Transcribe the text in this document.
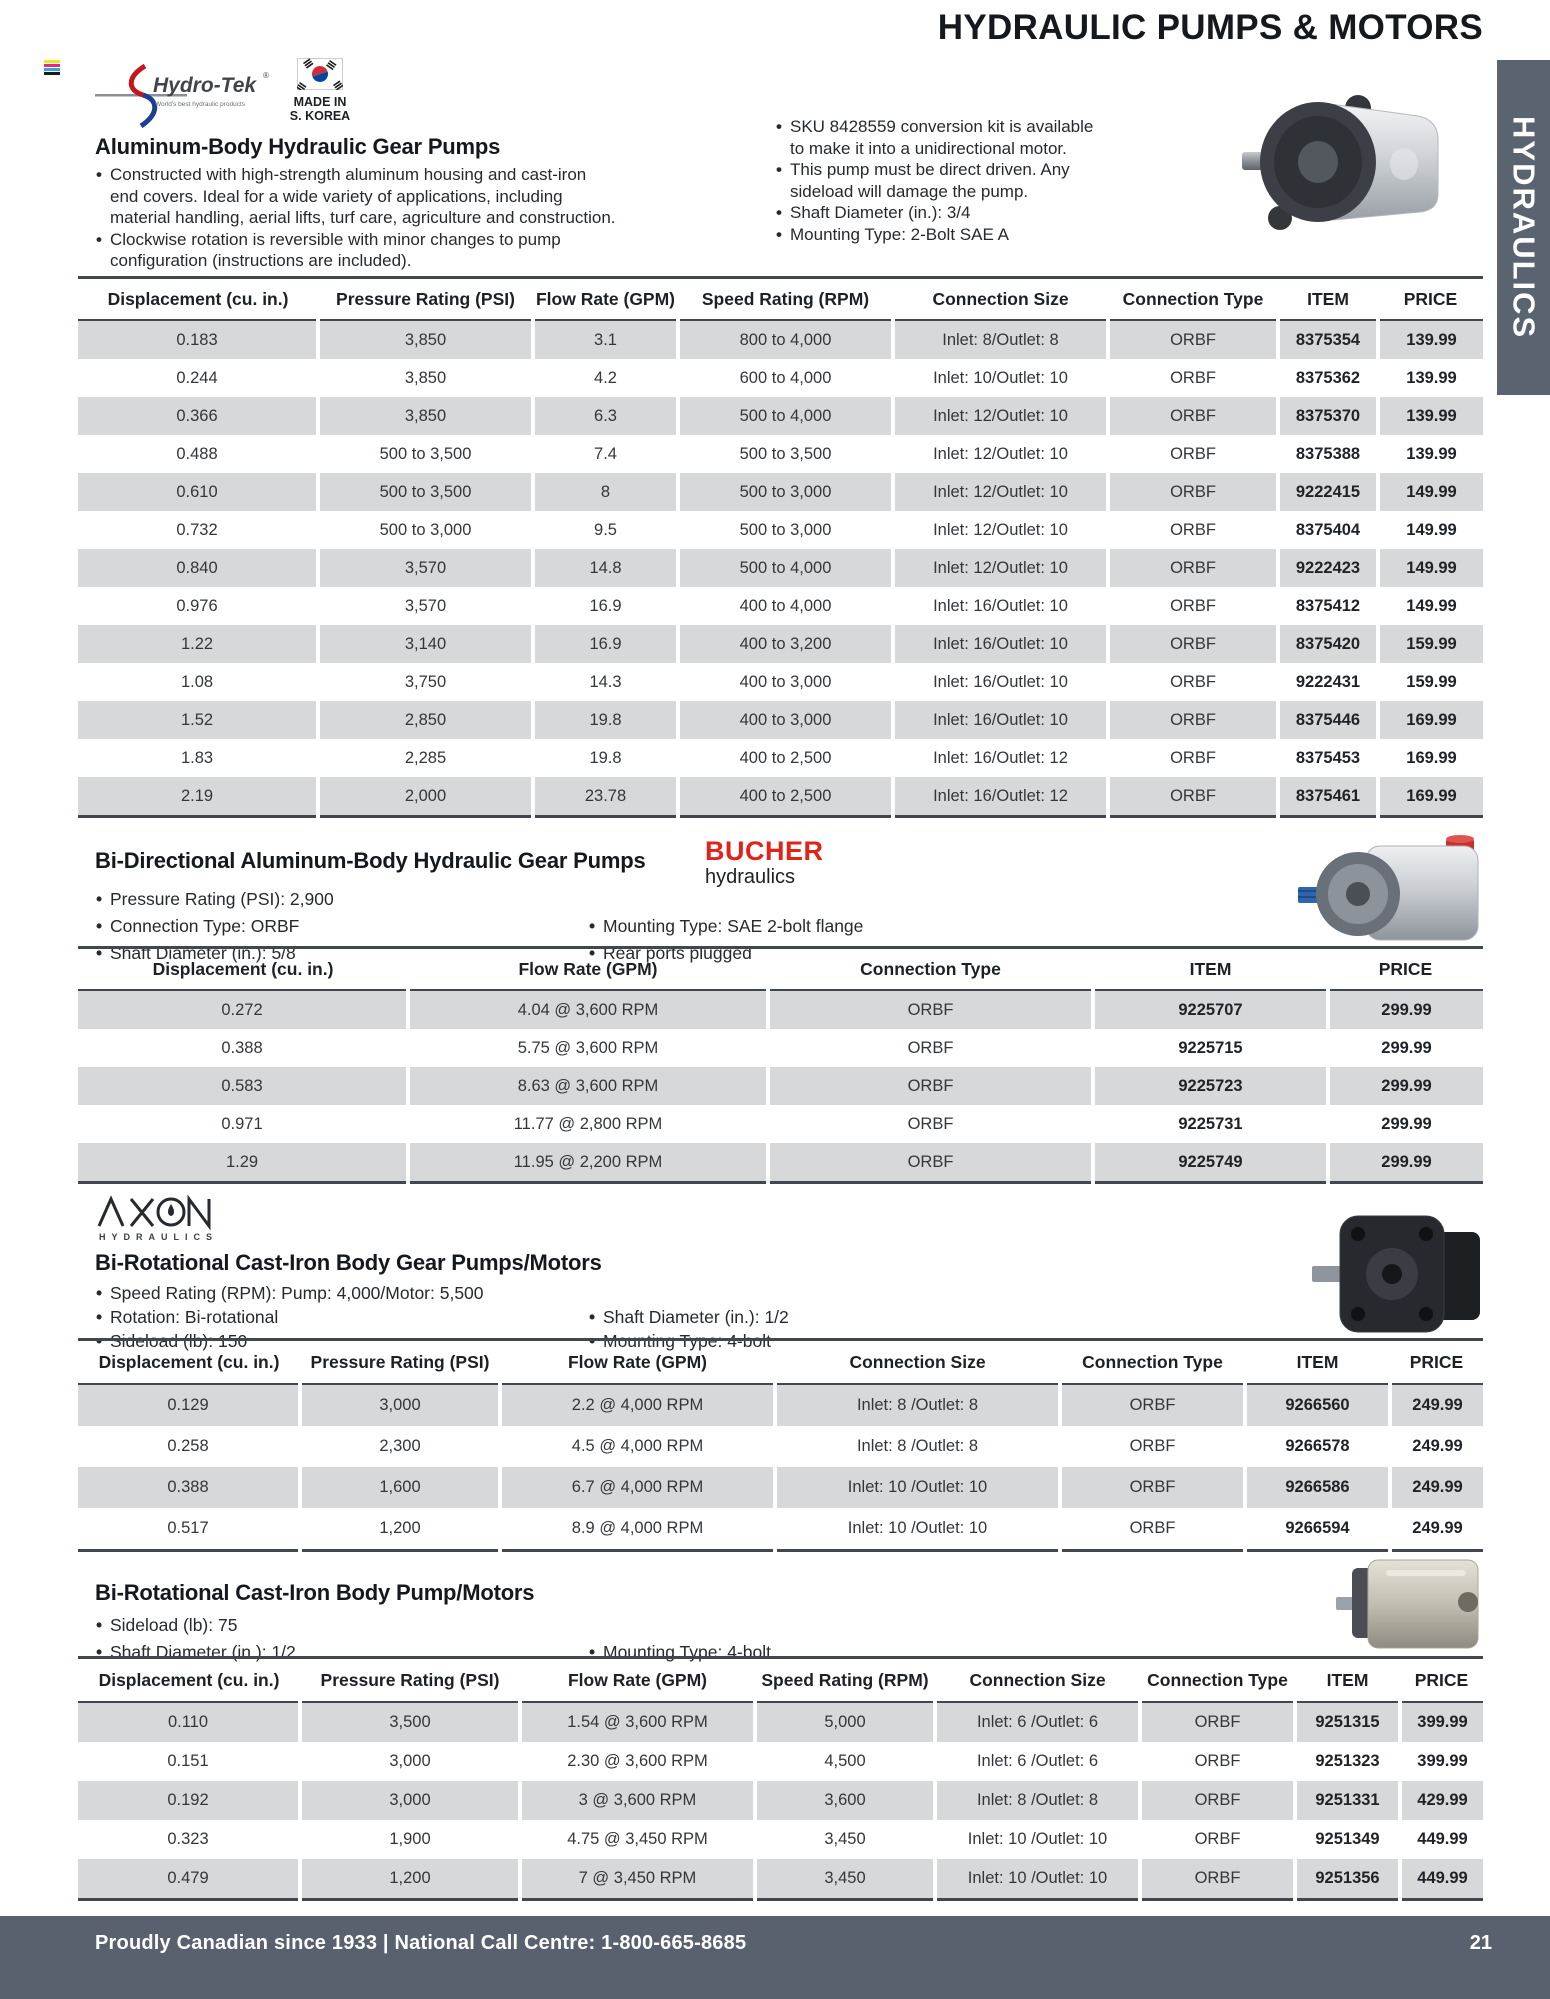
HYDRAULIC PUMPS & MOTORS
HYDRAULICS
Hydro-Tek ®
World's best hydraulic products	MADE IN
S. KOREA
Aluminum-Body Hydraulic Gear Pumps
• Constructed with high-strength aluminum housing and cast-iron end covers. Ideal for a wide variety of applications, including material handling, aerial lifts, turf care, agriculture and construction.
• Clockwise rotation is reversible with minor changes to pump configuration (instructions are included).
• SKU 8428559 conversion kit is available to make it into a unidirectional motor.
• This pump must be direct driven. Any sideload will damage the pump.
• Shaft Diameter (in.): 3/4
• Mounting Type: 2-Bolt SAE A
Displacement (cu. in.)	Pressure Rating (PSI)	Flow Rate (GPM)	Speed Rating (RPM)	Connection Size	Connection Type	ITEM	PRICE
0.183	3,850	3.1	800 to 4,000	Inlet: 8/Outlet: 8	ORBF	8375354	139.99
0.244	3,850	4.2	600 to 4,000	Inlet: 10/Outlet: 10	ORBF	8375362	139.99
0.366	3,850	6.3	500 to 4,000	Inlet: 12/Outlet: 10	ORBF	8375370	139.99
0.488	500 to 3,500	7.4	500 to 3,500	Inlet: 12/Outlet: 10	ORBF	8375388	139.99
0.610	500 to 3,500	8	500 to 3,000	Inlet: 12/Outlet: 10	ORBF	9222415	149.99
0.732	500 to 3,000	9.5	500 to 3,000	Inlet: 12/Outlet: 10	ORBF	8375404	149.99
0.840	3,570	14.8	500 to 4,000	Inlet: 12/Outlet: 10	ORBF	9222423	149.99
0.976	3,570	16.9	400 to 4,000	Inlet: 16/Outlet: 10	ORBF	8375412	149.99
1.22	3,140	16.9	400 to 3,200	Inlet: 16/Outlet: 10	ORBF	8375420	159.99
1.08	3,750	14.3	400 to 3,000	Inlet: 16/Outlet: 10	ORBF	9222431	159.99
1.52	2,850	19.8	400 to 3,000	Inlet: 16/Outlet: 10	ORBF	8375446	169.99
1.83	2,285	19.8	400 to 2,500	Inlet: 16/Outlet: 12	ORBF	8375453	169.99
2.19	2,000	23.78	400 to 2,500	Inlet: 16/Outlet: 12	ORBF	8375461	169.99
Bi-Directional Aluminum-Body Hydraulic Gear Pumps BUCHER
hydraulics
• Pressure Rating (PSI): 2,900
• Connection Type: ORBF
• Shaft Diameter (in.): 5/8
• Mounting Type: SAE 2-bolt flange
• Rear ports plugged
Displacement (cu. in.)	Flow Rate (GPM)	Connection Type	ITEM	PRICE
0.272	4.04 @ 3,600 RPM	ORBF	9225707	299.99
0.388	5.75 @ 3,600 RPM	ORBF	9225715	299.99
0.583	8.63 @ 3,600 RPM	ORBF	9225723	299.99
0.971	11.77 @ 2,800 RPM	ORBF	9225731	299.99
1.29	11.95 @ 2,200 RPM	ORBF	9225749	299.99
HYDRAULICS
Bi-Rotational Cast-Iron Body Gear Pumps/Motors
• Speed Rating (RPM): Pump: 4,000/Motor: 5,500
• Rotation: Bi-rotational
• Sideload (lb): 150
• Shaft Diameter (in.): 1/2
• Mounting Type: 4-bolt
Displacement (cu. in.)	Pressure Rating (PSI)	Flow Rate (GPM)	Connection Size	Connection Type	ITEM	PRICE
0.129	3,000	2.2 @ 4,000 RPM	Inlet: 8 /Outlet: 8	ORBF	9266560	249.99
0.258	2,300	4.5 @ 4,000 RPM	Inlet: 8 /Outlet: 8	ORBF	9266578	249.99
0.388	1,600	6.7 @ 4,000 RPM	Inlet: 10 /Outlet: 10	ORBF	9266586	249.99
0.517	1,200	8.9 @ 4,000 RPM	Inlet: 10 /Outlet: 10	ORBF	9266594	249.99
Bi-Rotational Cast-Iron Body Pump/Motors
• Sideload (lb): 75
• Shaft Diameter (in.): 1/2	• Mounting Type: 4-bolt
Displacement (cu. in.)	Pressure Rating (PSI)	Flow Rate (GPM)	Speed Rating (RPM)	Connection Size	Connection Type	ITEM	PRICE
0.110	3,500	1.54 @ 3,600 RPM	5,000	Inlet: 6 /Outlet: 6	ORBF	9251315	399.99
0.151	3,000	2.30 @ 3,600 RPM	4,500	Inlet: 6 /Outlet: 6	ORBF	9251323	399.99
0.192	3,000	3 @ 3,600 RPM	3,600	Inlet: 8 /Outlet: 8	ORBF	9251331	429.99
0.323	1,900	4.75 @ 3,450 RPM	3,450	Inlet: 10 /Outlet: 10	ORBF	9251349	449.99
0.479	1,200	7 @ 3,450 RPM	3,450	Inlet: 10 /Outlet: 10	ORBF	9251356	449.99
Proudly Canadian since 1933 | National Call Centre: 1-800-665-8685	21
